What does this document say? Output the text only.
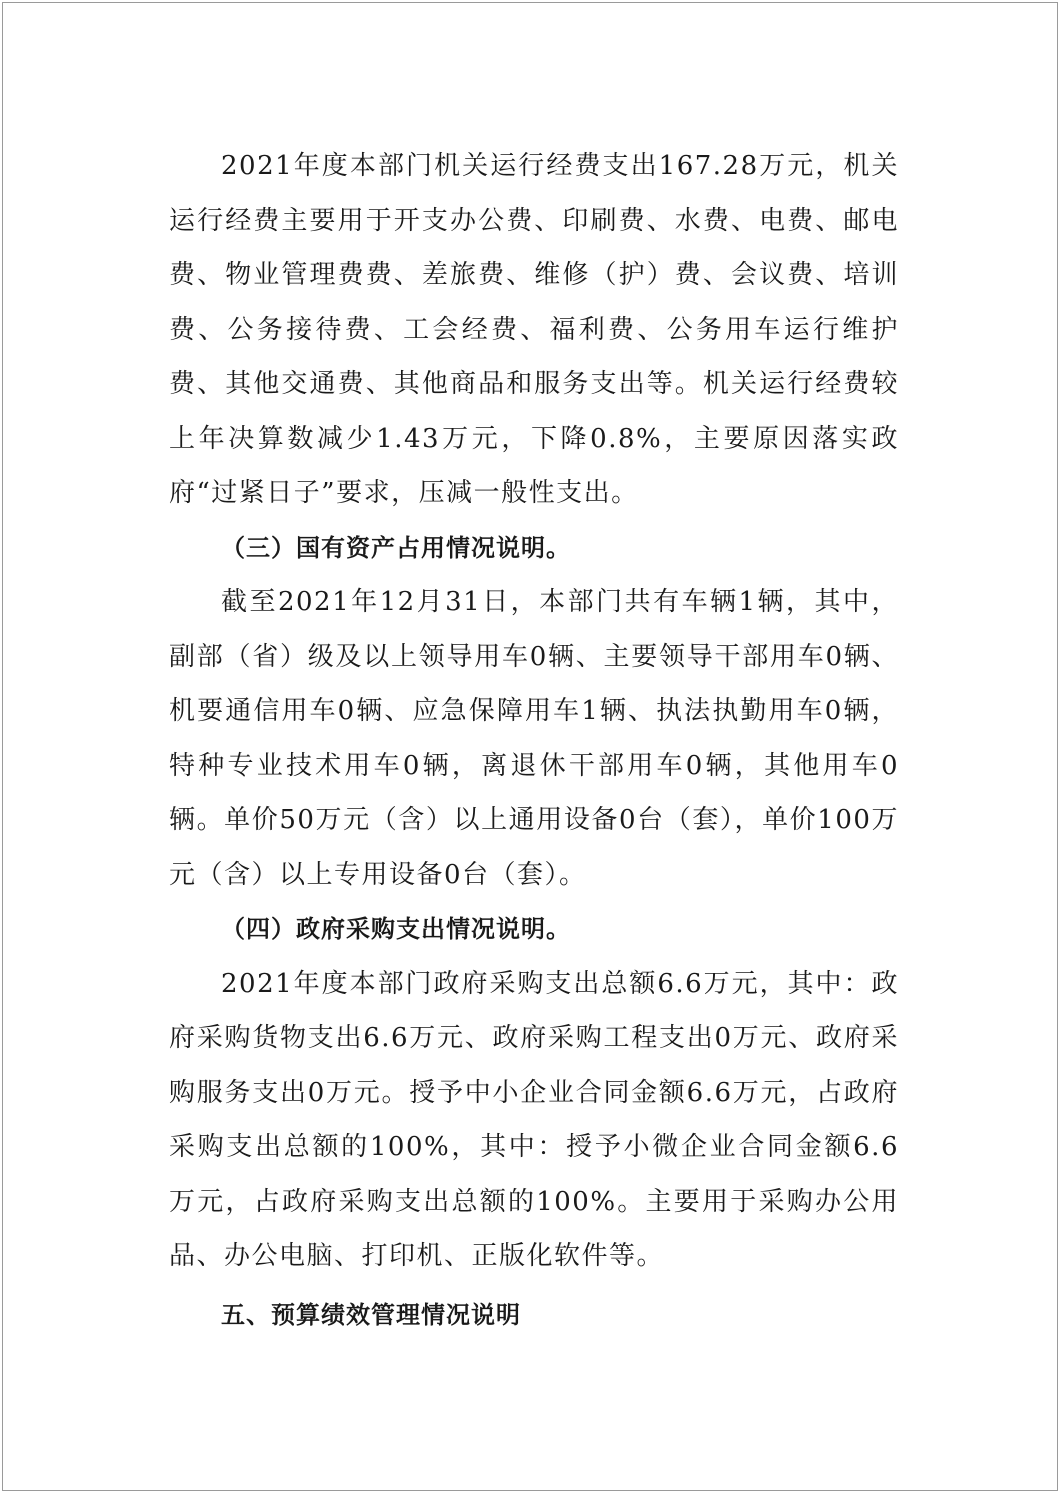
2021年度本部门机关运行经费支出167.28万元，机关运行经费主要用于开支办公费、印刷费、水费、电费、邮电费、物业管理费费、差旅费、维修（护）费、会议费、培训费、公务接待费、工会经费、福利费、公务用车运行维护费、其他交通费、其他商品和服务支出等。机关运行经费较上年决算数减少1.43万元，下降0.8%，主要原因落实政府“过紧日子”要求，压减一般性支出。

（三）国有资产占用情况说明。

截至2021年12月31日，本部门共有车辆1辆，其中，副部（省）级及以上领导用车0辆、主要领导干部用车0辆、机要通信用车0辆、应急保障用车1辆、执法执勤用车0辆，特种专业技术用车0辆，离退休干部用车0辆，其他用车0辆。单价50万元（含）以上通用设备0台（套），单价100万元（含）以上专用设备0台（套）。

（四）政府采购支出情况说明。

2021年度本部门政府采购支出总额6.6万元，其中：政府采购货物支出6.6万元、政府采购工程支出0万元、政府采购服务支出0万元。授予中小企业合同金额6.6万元，占政府采购支出总额的100%，其中：授予小微企业合同金额6.6万元，占政府采购支出总额的100%。主要用于采购办公用品、办公电脑、打印机、正版化软件等。

五、预算绩效管理情况说明
